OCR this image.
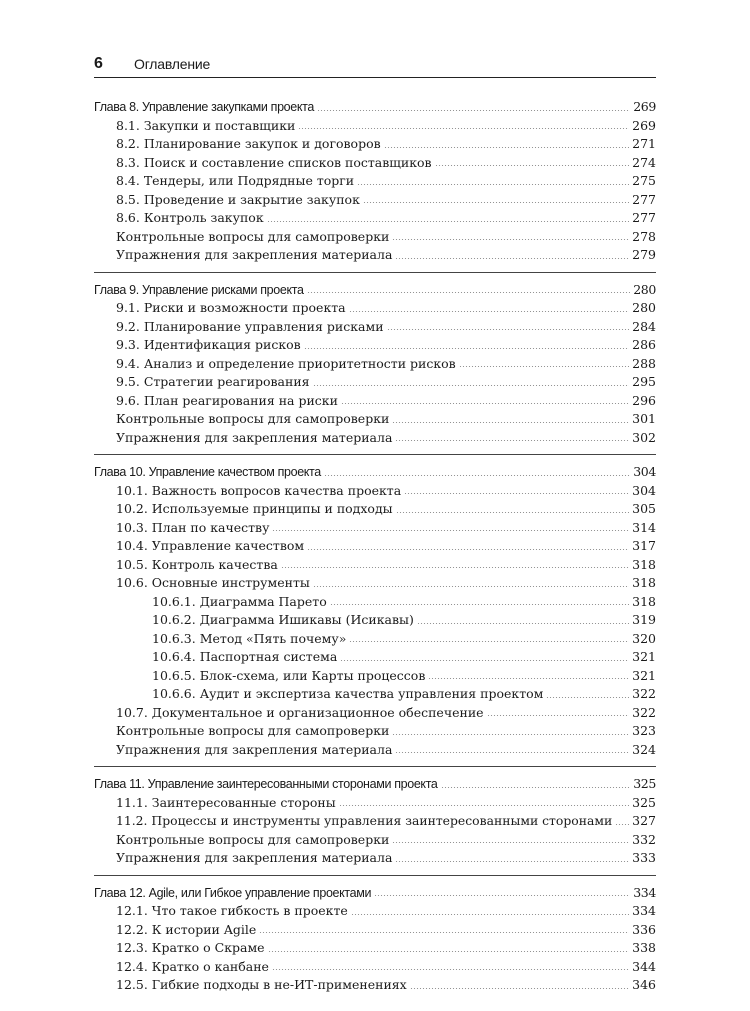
6 Оглавление
Глава 8. Управление закупками проекта	269
8.1. Закупки и поставщики	269
8.2. Планирование закупок и договоров	271
8.3. Поиск и составление списков поставщиков	274
8.4. Тендеры, или Подрядные торги	275
8.5. Проведение и закрытие закупок	277
8.6. Контроль закупок	277
Контрольные вопросы для самопроверки	278
Упражнения для закрепления материала	279
Глава 9. Управление рисками проекта	280
9.1. Риски и возможности проекта	280
9.2. Планирование управления рисками	284
9.3. Идентификация рисков	286
9.4. Анализ и определение приоритетности рисков	288
9.5. Стратегии реагирования	295
9.6. План реагирования на риски	296
Контрольные вопросы для самопроверки	301
Упражнения для закрепления материала	302
Глава 10. Управление качеством проекта	304
10.1. Важность вопросов качества проекта	304
10.2. Используемые принципы и подходы	305
10.3. План по качеству	314
10.4. Управление качеством	317
10.5. Контроль качества	318
10.6. Основные инструменты	318
10.6.1. Диаграмма Парето	318
10.6.2. Диаграмма Ишикавы (Исикавы)	319
10.6.3. Метод «Пять почему»	320
10.6.4. Паспортная система	321
10.6.5. Блок-схема, или Карты процессов	321
10.6.6. Аудит и экспертиза качества управления проектом	322
10.7. Документальное и организационное обеспечение	322
Контрольные вопросы для самопроверки	323
Упражнения для закрепления материала	324
Глава 11. Управление заинтересованными сторонами проекта	325
11.1. Заинтересованные стороны	325
11.2. Процессы и инструменты управления заинтересованными сторонами 327
Контрольные вопросы для самопроверки	332
Упражнения для закрепления материала	333
Глава 12. Agile, или Гибкое управление проектами	334
12.1. Что такое гибкость в проекте	334
12.2. К истории Agile	336
12.3. Кратко о Скраме	338
12.4. Кратко о канбане	344
12.5. Гибкие подходы в не-ИТ-применениях	346
